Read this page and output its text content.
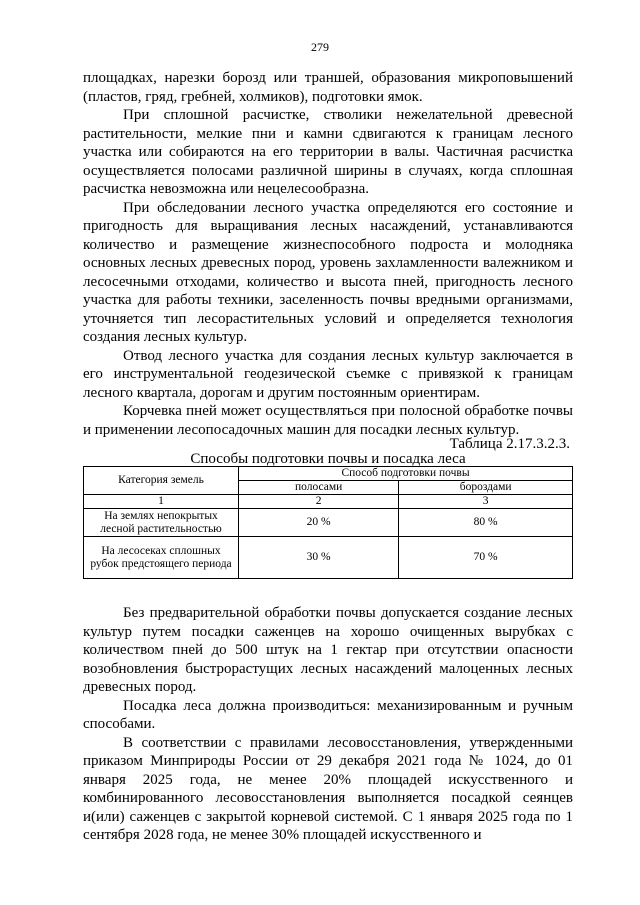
279

площадках, нарезки борозд или траншей, образования микроповышений (пластов, гряд, гребней, холмиков), подготовки ямок.

При сплошной расчистке, стволики нежелательной древесной растительности, мелкие пни и камни сдвигаются к границам лесного участка или собираются на его территории в валы. Частичная расчистка осуществляется полосами различной ширины в случаях, когда сплошная расчистка невозможна или нецелесообразна.

При обследовании лесного участка определяются его состояние и пригодность для выращивания лесных насаждений, устанавливаются количество и размещение жизнеспособного подроста и молодняка основных лесных древесных пород, уровень захламленности валежником и лесосечными отходами, количество и высота пней, пригодность лесного участка для работы техники, заселенность почвы вредными организмами, уточняется тип лесорастительных условий и определяется технология создания лесных культур.

Отвод лесного участка для создания лесных культур заключается в его инструментальной геодезической съемке с привязкой к границам лесного квартала, дорогам и другим постоянным ориентирам.

Корчевка пней может осуществляться при полосной обработке почвы и применении лесопосадочных машин для посадки лесных культур.

Таблица 2.17.3.2.3.
Способы подготовки почвы и посадка леса
Категория земель	Способ подготовки почвы	
	полосами	бороздами
1	2	3
На землях непокрытых лесной растительностью	20 %	80 %
На лесосеках сплошных рубок предстоящего периода	30 %	70 %

Без предварительной обработки почвы допускается создание лесных культур путем посадки саженцев на хорошо очищенных вырубках с количеством пней до 500 штук на 1 гектар при отсутствии опасности возобновления быстрорастущих лесных насаждений малоценных лесных древесных пород.

Посадка леса должна производиться: механизированным и ручным способами.

В соответствии с правилами лесовосстановления, утвержденными приказом Минприроды России от 29 декабря 2021 года № 1024, до 01 января 2025 года, не менее 20% площадей искусственного и комбинированного лесовосстановления выполняется посадкой сеянцев и(или) саженцев с закрытой корневой системой. С 1 января 2025 года по 1 сентября 2028 года, не менее 30% площадей искусственного и
